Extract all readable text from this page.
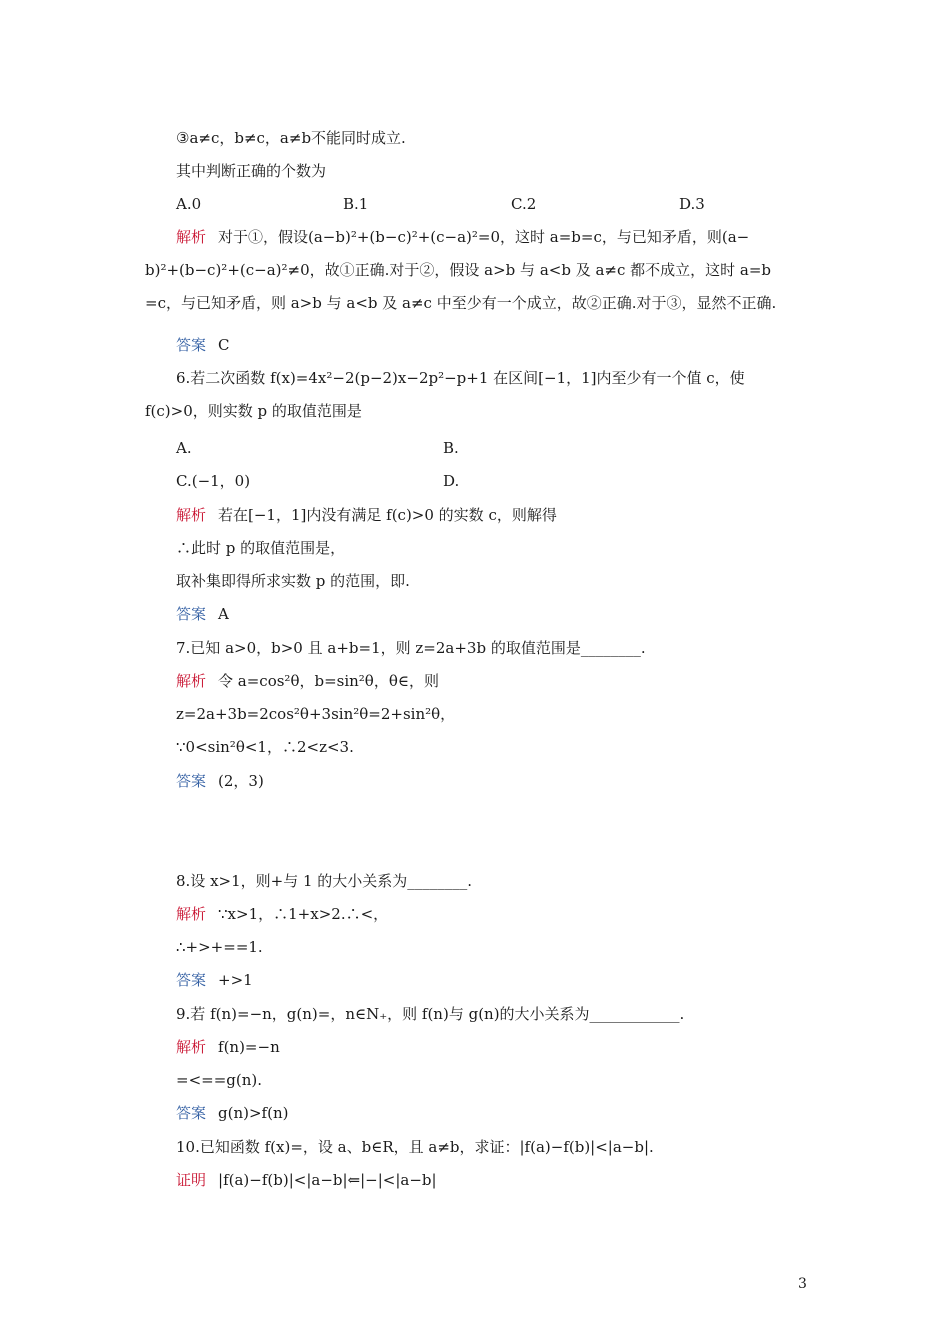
③a≠c，b≠c，a≠b不能同时成立.
其中判断正确的个数为
解析 对于①，假设(a−b)²+(b−c)²+(c−a)²=0，这时 a=b=c，与已知矛盾，则(a−
b)²+(b−c)²+(c−a)²≠0，故①正确.对于②，假设 a>b 与 a<b 及 a≠c 都不成立，这时 a=b
=c，与已知矛盾，则 a>b 与 a<b 及 a≠c 中至少有一个成立，故②正确.对于③，显然不正确.
答案 C
6.若二次函数 f(x)=4x²−2(p−2)x−2p²−p+1 在区间[−1，1]内至少有一个值 c，使
f(c)>0，则实数 p 的取值范围是
解析 若在[−1，1]内没有满足 f(c)>0 的实数 c，则解得
∴此时 p 的取值范围是，
取补集即得所求实数 p 的范围，即.
答案 A
7.已知 a>0，b>0 且 a+b=1，则 z=2a+3b 的取值范围是________.
解析 令 a=cos²θ，b=sin²θ，θ∈，则
z=2a+3b=2cos²θ+3sin²θ=2+sin²θ，
∵0<sin²θ<1，∴2<z<3.
答案 (2，3)
8.设 x>1，则+与 1 的大小关系为________.
解析 ∵x>1，∴1+x>2.∴<，
∴+>+==1.
答案 +>1
9.若 f(n)=−n，g(n)=，n∈N₊，则 f(n)与 g(n)的大小关系为____________.
解析 f(n)=−n
=<==g(n).
答案 g(n)>f(n)
10.已知函数 f(x)=，设 a、b∈R，且 a≠b，求证：|f(a)−f(b)|<|a−b|.
证明 |f(a)−f(b)|<|a−b|⇐|−|<|a−b|
A.0	B.1	C.2	D.3
A.	B.
C.(−1，0)	D.
3
